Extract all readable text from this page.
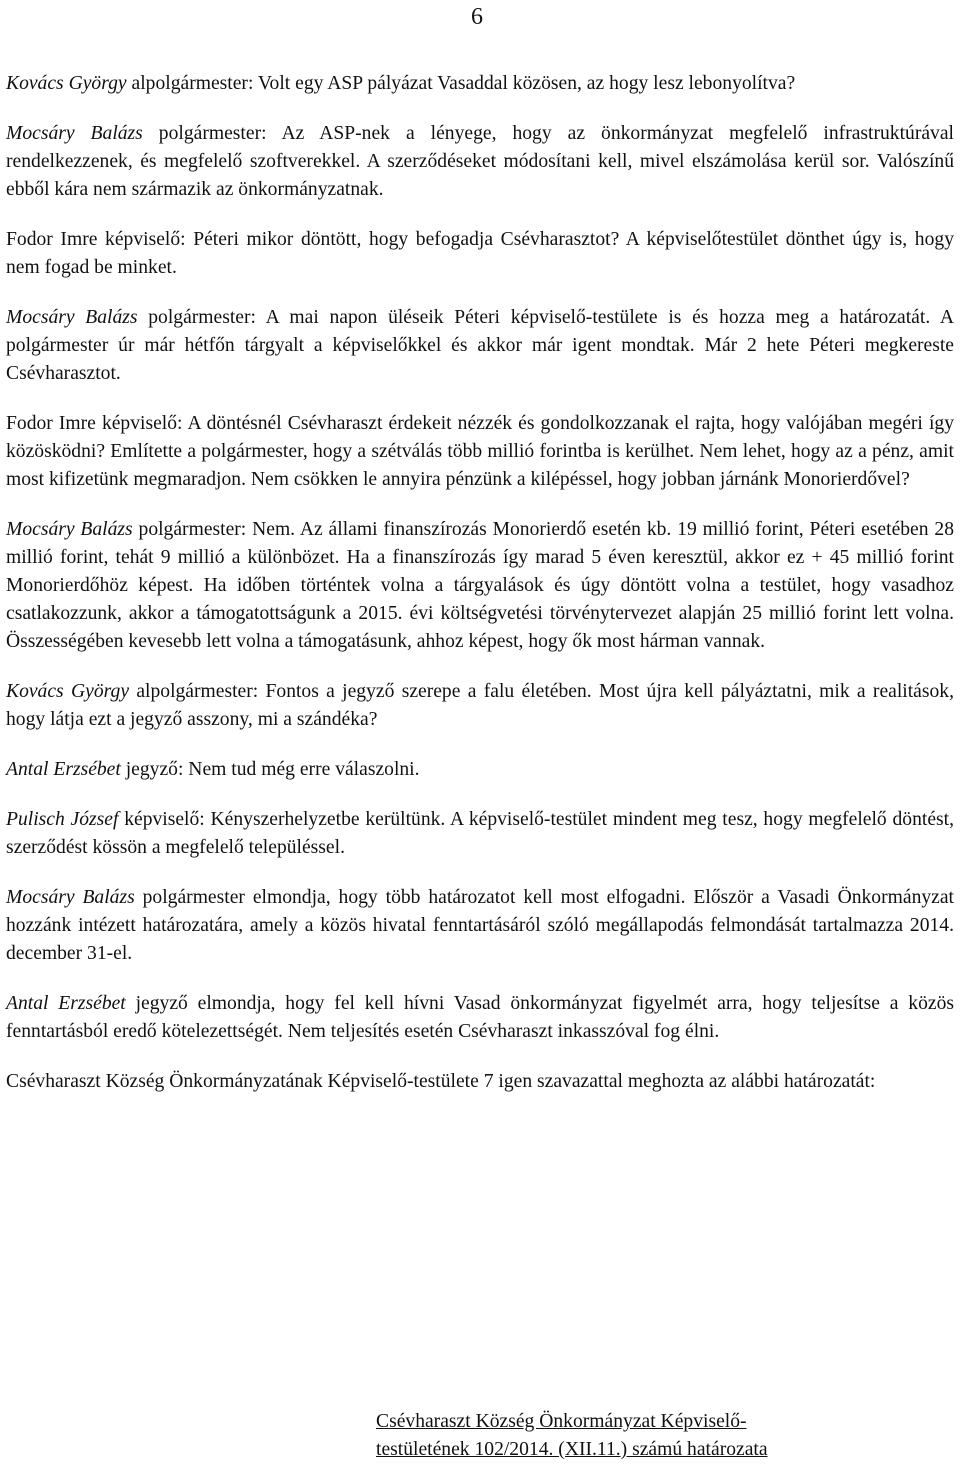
6

Kovács György alpolgármester: Volt egy ASP pályázat Vasaddal közösen, az hogy lesz lebonyolítva?

Mocsáry Balázs polgármester: Az ASP-nek a lényege, hogy az önkormányzat megfelelő infrastruktúrával rendelkezzenek, és megfelelő szoftverekkel. A szerződéseket módosítani kell, mivel elszámolása kerül sor. Valószínű ebből kára nem származik az önkormányzatnak.

Fodor Imre képviselő: Péteri mikor döntött, hogy befogadja Csévharasztot? A képviselőtestület dönthet úgy is, hogy nem fogad be minket.

Mocsáry Balázs polgármester: A mai napon üléseik Péteri képviselő-testülete is és hozza meg a határozatát. A polgármester úr már hétfőn tárgyalt a képviselőkkel és akkor már igent mondtak. Már 2 hete Péteri megkereste Csévharasztot.

Fodor Imre képviselő: A döntésnél Csévharaszt érdekeit nézzék és gondolkozzanak el rajta, hogy valójában megéri így közösködni? Említette a polgármester, hogy a szétválás több millió forintba is kerülhet. Nem lehet, hogy az a pénz, amit most kifizetünk megmaradjon. Nem csökken le annyira pénzünk a kilépéssel, hogy jobban járnánk Monorierdővel?

Mocsáry Balázs polgármester: Nem. Az állami finanszírozás Monorierdő esetén kb. 19 millió forint, Péteri esetében 28 millió forint, tehát 9 millió a különbözet. Ha a finanszírozás így marad 5 éven keresztül, akkor ez + 45 millió forint Monorierdőhöz képest. Ha időben történtek volna a tárgyalások és úgy döntött volna a testület, hogy vasadhoz csatlakozzunk, akkor a támogatottságunk a 2015. évi költségvetési törvénytervezet alapján 25 millió forint lett volna. Összességében kevesebb lett volna a támogatásunk, ahhoz képest, hogy ők most hárman vannak.

Kovács György alpolgármester: Fontos a jegyző szerepe a falu életében. Most újra kell pályáztatni, mik a realitások, hogy látja ezt a jegyző asszony, mi a szándéka?

Antal Erzsébet jegyző: Nem tud még erre válaszolni.

Pulisch József képviselő: Kényszerhelyzetbe kerültünk. A képviselő-testület mindent meg tesz, hogy megfelelő döntést, szerződést kössön a megfelelő településsel.

Mocsáry Balázs polgármester elmondja, hogy több határozatot kell most elfogadni. Először a Vasadi Önkormányzat hozzánk intézett határozatára, amely a közös hivatal fenntartásáról szóló megállapodás felmondását tartalmazza 2014. december 31-el.

Antal Erzsébet jegyző elmondja, hogy fel kell hívni Vasad önkormányzat figyelmét arra, hogy teljesítse a közös fenntartásból eredő kötelezettségét. Nem teljesítés esetén Csévharaszt inkasszóval fog élni.

Csévharaszt Község Önkormányzatának Képviselő-testülete 7 igen szavazattal meghozta az alábbi határozatát:

Csévharaszt Község Önkormányzat Képviselő-
testületének 102/2014. (XII.11.) számú határozata
